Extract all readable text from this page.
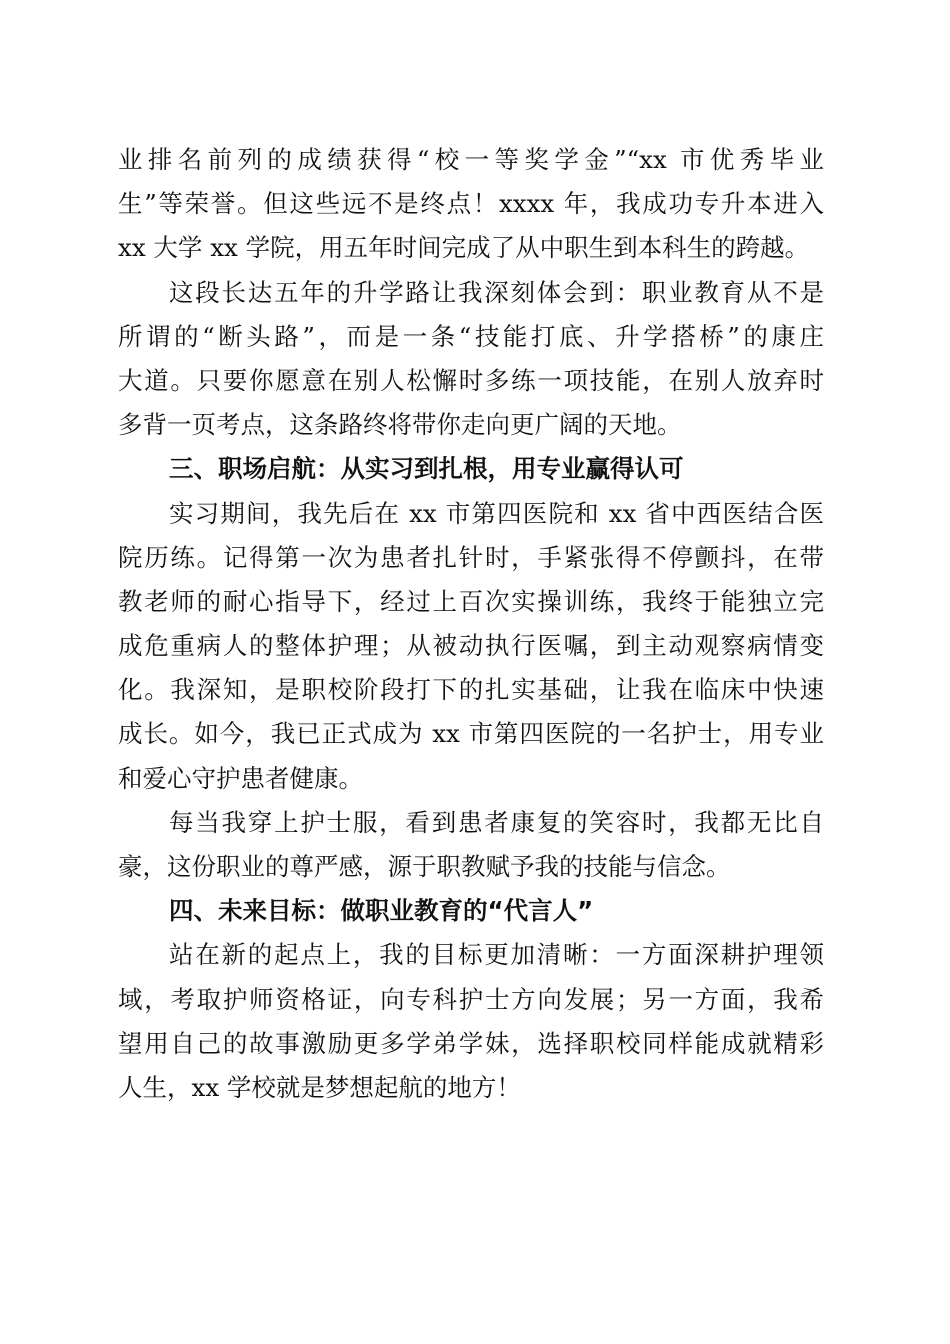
业排名前列的成绩获得“校一等奖学金”“xx 市优秀毕业
生”等荣誉。但这些远不是终点！xxxx 年，我成功专升本进入
xx 大学 xx 学院，用五年时间完成了从中职生到本科生的跨越。
这段长达五年的升学路让我深刻体会到：职业教育从不是
所谓的“断头路”，而是一条“技能打底、升学搭桥”的康庄
大道。只要你愿意在别人松懈时多练一项技能，在别人放弃时
多背一页考点，这条路终将带你走向更广阔的天地。
三、职场启航：从实习到扎根，用专业赢得认可
实习期间，我先后在 xx 市第四医院和 xx 省中西医结合医
院历练。记得第一次为患者扎针时，手紧张得不停颤抖，在带
教老师的耐心指导下，经过上百次实操训练，我终于能独立完
成危重病人的整体护理；从被动执行医嘱，到主动观察病情变
化。我深知，是职校阶段打下的扎实基础，让我在临床中快速
成长。如今，我已正式成为 xx 市第四医院的一名护士，用专业
和爱心守护患者健康。
每当我穿上护士服，看到患者康复的笑容时，我都无比自
豪，这份职业的尊严感，源于职教赋予我的技能与信念。
四、未来目标：做职业教育的“代言人”
站在新的起点上，我的目标更加清晰：一方面深耕护理领
域，考取护师资格证，向专科护士方向发展；另一方面，我希
望用自己的故事激励更多学弟学妹，选择职校同样能成就精彩
人生，xx 学校就是梦想起航的地方！
